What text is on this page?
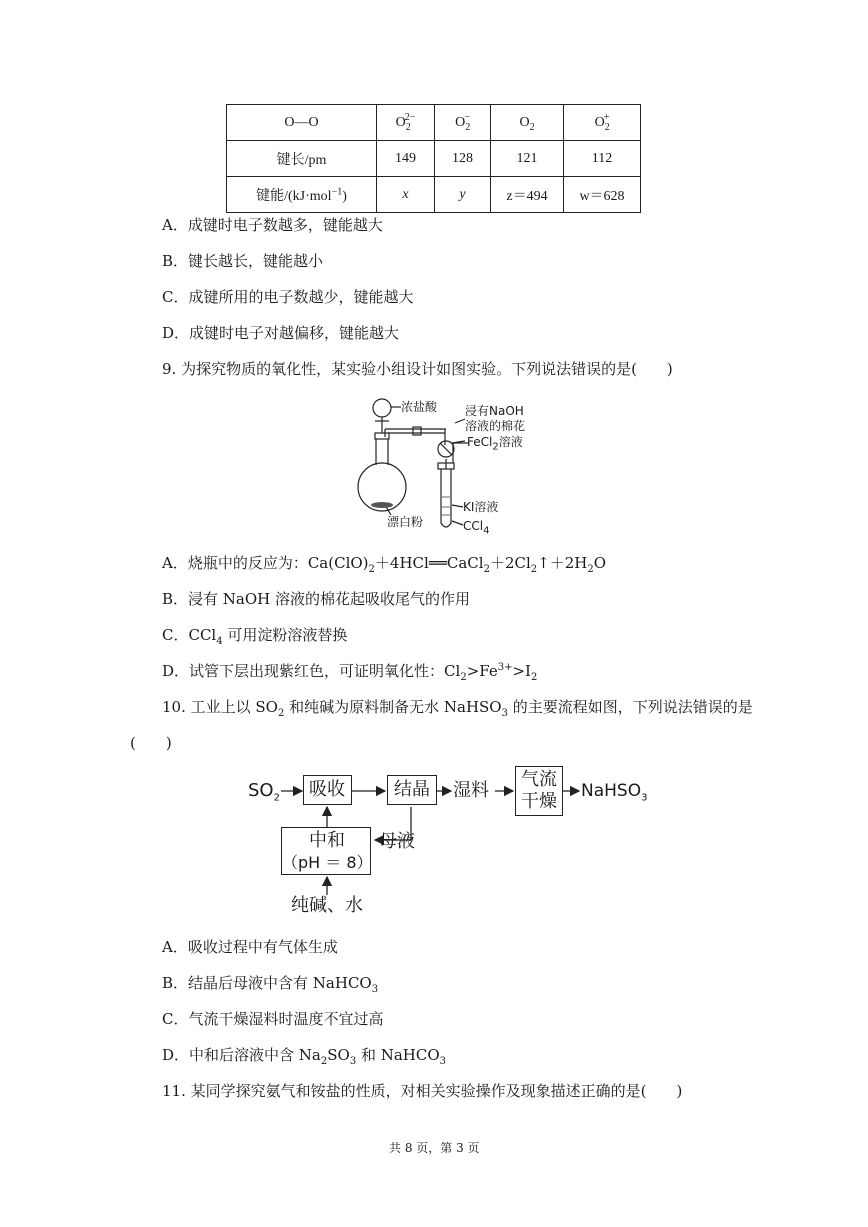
O—O	$O_2^{2-}$	$O_2^-$	$O_2$	$O_2^+$
键长/pm	149	128	121	112
键能/(kJ·mol$^{-1}$)	x	y	z＝494	w＝628
A．成键时电子数越多，键能越大
B．键长越长，键能越小
C．成键所用的电子数越少，键能越大
D．成键时电子对越偏移，键能越大
9. 为探究物质的氧化性，某实验小组设计如图实验。下列说法错误的是(　　)
浓盐酸 浸有NaOH
溶液的棉花
FeCl$_2$溶液
KI溶液
CCl$_4$
漂白粉
A．烧瓶中的反应为：$Ca(ClO)_2+4HCl══CaCl_2+2Cl_2↑+2H_2O$
B．浸有 NaOH 溶液的棉花起吸收尾气的作用
C．CCl$_4$ 可用淀粉溶液替换
D．试管下层出现紫红色，可证明氧化性：$Cl_2>Fe^{3+}>I_2$
10. 工业上以 $SO_2$ 和纯碱为原料制备无水 NaHSO$_3$ 的主要流程如图，下列说法错误的是
(　　)
$SO_2$ 吸收	结晶 湿料
气流
干燥 NaHSO$_3$
中和
（pH ＝ 8）
母液
纯碱、水
A．吸收过程中有气体生成
B．结晶后母液中含有 NaHCO$_3$
C．气流干燥湿料时温度不宜过高
D．中和后溶液中含 $Na_2SO_3$ 和 NaHCO$_3$
11. 某同学探究氨气和铵盐的性质，对相关实验操作及现象描述正确的是(　　)
共 8 页，第 3 页
